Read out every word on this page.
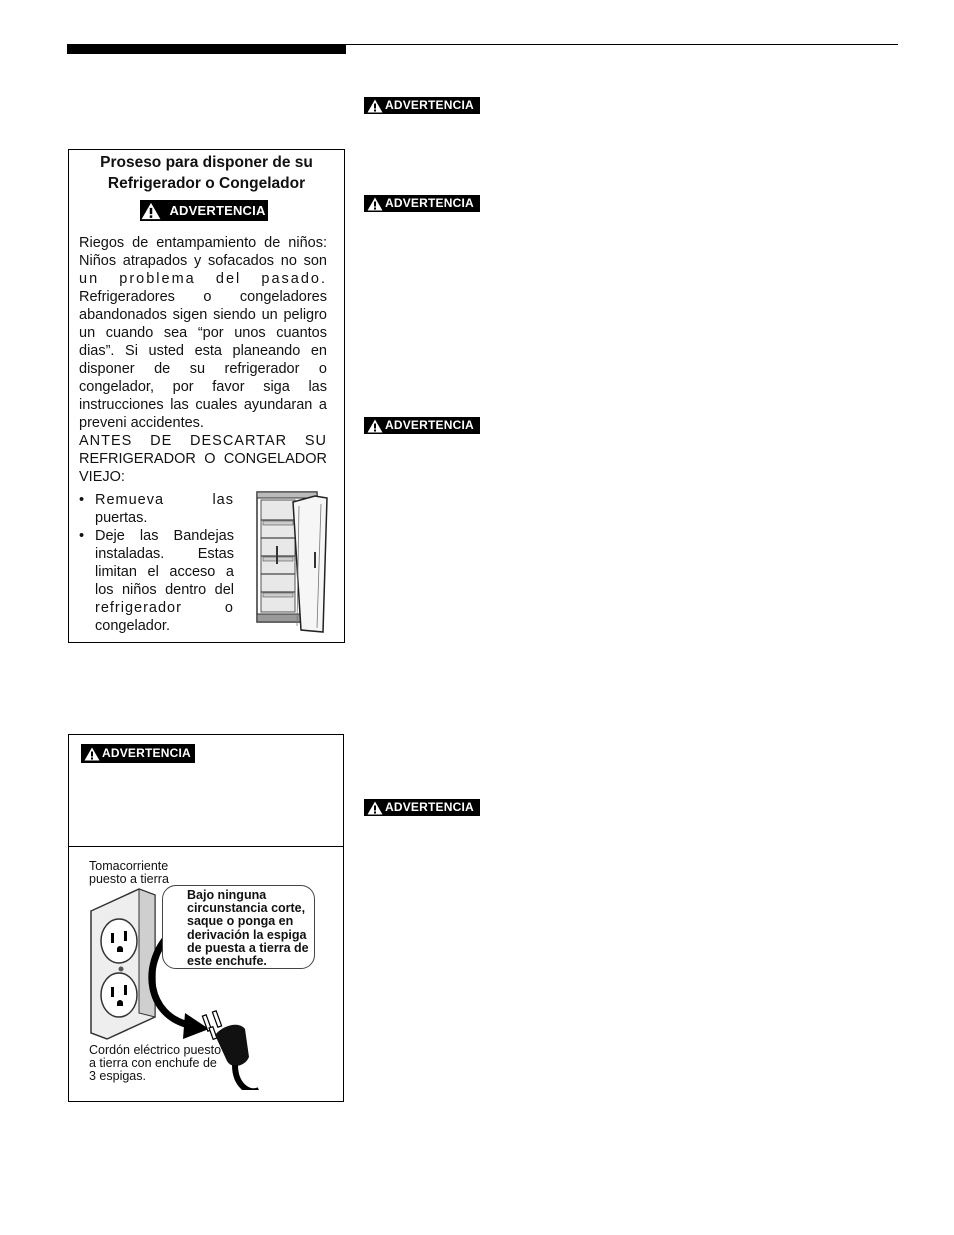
ADVERTENCIA
ADVERTENCIA
ADVERTENCIA
ADVERTENCIA
Proseso para disponer de su
Refrigerador o Congelador
ADVERTENCIA

Riegos de entampamiento de niños:

Niños atrapados y sofacados no son

un problema del pasado.

Refrigeradores o congeladores

abandonados sigen siendo un peligro

un cuando sea “por unos cuantos

dias”. Si usted esta planeando en

disponer de su refrigerador o

congelador, por favor siga las

instrucciones las cuales ayundaran a

preveni accidentes.

ANTES DE DESCARTAR SU

REFRIGERADOR O CONGELADOR

VIEJO:

• Remueva las

puertas.

• Deje las Bandejas

instaladas. Estas

limitan el acceso a

los niños dentro del

refrigerador o

congelador.

ADVERTENCIA
Tomacorriente
puesto a tierra
Bajo ninguna
circunstancia corte,
saque o ponga en
derivación la espiga
de puesta a tierra de
este enchufe.
Cordón eléctrico puesto
a tierra con enchufe de
3 espigas.
